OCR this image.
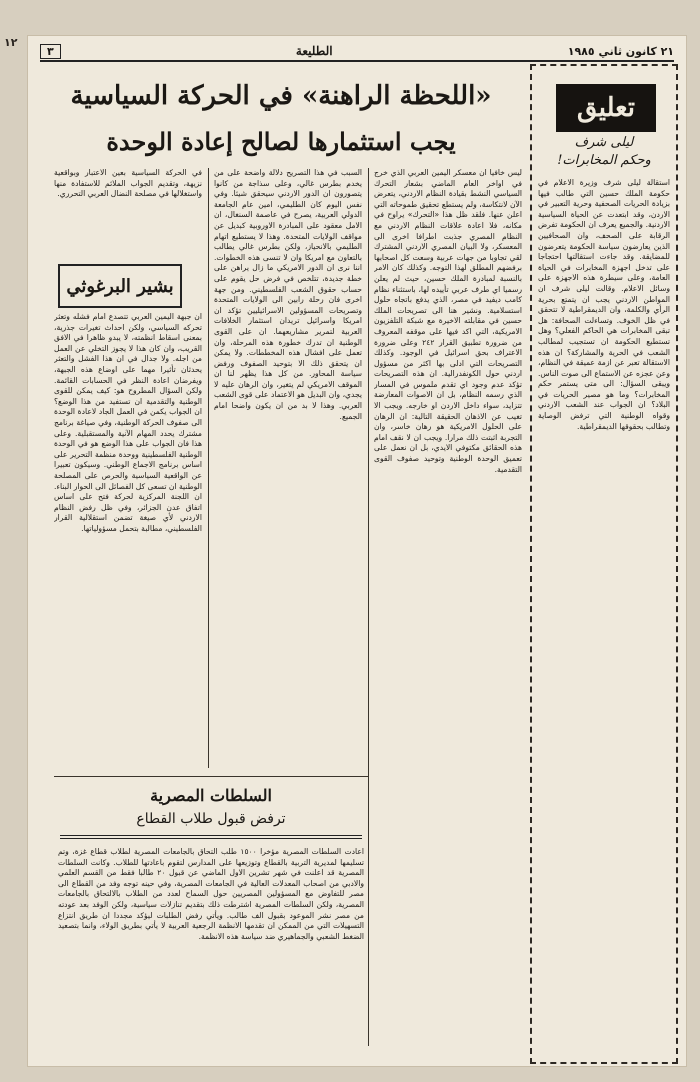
١٢
٢١ كانون ثاني ١٩٨٥
الطليعة
٣
تعليق
ليلى شرف
وحكم المخابرات!
استقالة ليلى شرف وزيرة الاعلام في حكومة الملك حسين التي طالب فيها بزيادة الحريات الصحفية وحرية التعبير في الاردن، وقد ابتعدت عن الحياة السياسية الاردنية. والجميع يعرف ان الحكومة تفرض الرقابة على الصحف، وان الصحافيين الذين يعارضون سياسة الحكومة يتعرضون للمضايقة. وقد جاءت استقالتها احتجاجا على تدخل اجهزة المخابرات في الحياة العامة، وعلى سيطرة هذه الاجهزة على وسائل الاعلام. وقالت ليلى شرف ان المواطن الاردني يجب ان يتمتع بحرية الرأي والكلمة، وان الديمقراطية لا تتحقق في ظل الخوف. وتساءلت الصحافة: هل تبقى المخابرات هي الحاكم الفعلي؟ وهل تستطيع الحكومة ان تستجيب لمطالب الشعب في الحرية والمشاركة؟ ان هذه الاستقالة تعبر عن ازمة عميقة في النظام، وعن عجزه عن الاستماع الى صوت الناس. ويبقى السؤال: الى متى يستمر حكم المخابرات؟ وما هو مصير الحريات في البلاد؟ ان الجواب عند الشعب الاردني وقواه الوطنية التي ترفض الوصاية وتطالب بحقوقها الديمقراطية.
«اللحظة الراهنة» في الحركة السياسية
يجب استثمارها لصالح إعادة الوحدة
ليس خافيا ان معسكر اليمين العربي الذي خرج في اواخر العام الماضي بشعار التحرك السياسي النشط بقيادة النظام الاردني، يتعرض الآن لانتكاسة، ولم يستطع تحقيق طموحاته التي اعلن عنها. فلقد ظل هذا «التحرك» يراوح في مكانه، فلا اعادة علاقات النظام الاردني مع النظام المصري جذبت اطرافا اخرى الى المعسكر، ولا البيان المصري الاردني المشترك لقي تجاوبا من جهات عربية وسعت كل اصحابها برفضهم المطلق لهذا التوجه. وكذلك كان الامر بالنسبة لمبادرة الملك حسين، حيث لم يعلن رسميا اي طرف عربي تأييده لها، باستثناء نظام كامب ديفيد في مصر، الذي يدفع باتجاه حلول استسلامية. ونشير هنا الى تصريحات الملك حسين في مقابلته الاخيرة مع شبكة التلفزيون الامريكية، التي اكد فيها على موقفه المعروف من ضرورة تطبيق القرار ٢٤٢ وعلى ضرورة الاعتراف بحق اسرائيل في الوجود. وكذلك التصريحات التي ادلى بها اكثر من مسؤول اردني حول الكونفدرالية. ان هذه التصريحات تؤكد عدم وجود اي تقدم ملموس في المسار الذي رسمه النظام، بل ان الاصوات المعارضة تتزايد، سواء داخل الاردن او خارجه. ويجب الا تغيب عن الاذهان الحقيقة التالية: ان الرهان على الحلول الامريكية هو رهان خاسر، وان التجربة اثبتت ذلك مرارا. ويجب ان لا نقف امام هذه الحقائق مكتوفي الايدي، بل ان نعمل على تعميق الوحدة الوطنية وتوحيد صفوف القوى التقدمية.
السبب في هذا التصريح دلالة واضحة على من يخدم بطرس غالي، وعلى سذاجة من كانوا يتصورون ان الدور الاردني سيحقق شيئا. وفي نفس اليوم كان الطليمي، امين عام الجامعة الدولي العربية، يصرح في عاصمة السنغال، ان الامل معقود على المبادرة الاوروبية كبديل عن مواقف الولايات المتحدة. وهذا لا يستطيع اتهام الطليمي بالانحياز، ولكن بطرس غالي يطالب بالتعاون مع امريكا وان لا تنسى هذه الخطوات. اننا نرى ان الدور الامريكي ما زال يراهن على خطة جديدة، تتلخص في فرض حل يقوم على حساب حقوق الشعب الفلسطيني. ومن جهة اخرى فان رحلة رابين الى الولايات المتحدة وتصريحات المسؤولين الاسرائيليين تؤكد ان امريكا واسرائيل تريدان استثمار الخلافات العربية لتمرير مشاريعهما. ان على القوى الوطنية ان تدرك خطورة هذه المرحلة، وان تعمل على افشال هذه المخططات. ولا يمكن ان يتحقق ذلك الا بتوحيد الصفوف ورفض سياسة المحاور. من كل هذا يظهر لنا ان الموقف الامريكي لم يتغير، وان الرهان عليه لا يجدي، وان البديل هو الاعتماد على قوى الشعب العربي. وهذا لا بد من ان يكون واضحا امام الجميع.
في الحركة السياسية بعين الاعتبار وبواقعية نزيهة، وتقديم الجواب الملائم للاستفادة منها واستغلالها في مصلحة النضال العربي التحرري.
بشير البرغوثي
ان جبهة اليمين العربي تتصدع امام فشله وتعثر تحركه السياسي، ولكن احداث تغيرات جذرية، بمعنى اسقاط انظمته، لا يبدو ظاهرا في الافق القريب، وان كان هذا لا يجوز التخلي عن العمل من اجله. ولا جدال في ان هذا الفشل والتعثر يحدثان تأثيرا مهما على اوضاع هذه الجبهة، ويفرضان اعادة النظر في الحسابات القائمة. ولكن السؤال المطروح هو: كيف يمكن للقوى الوطنية والتقدمية ان تستفيد من هذا الوضع؟ ان الجواب يكمن في العمل الجاد لاعادة الوحدة الى صفوف الحركة الوطنية، وفي صياغة برنامج مشترك يحدد المهام الآنية والمستقبلية. وعلى هذا فان الجواب على هذا الوضع هو في الوحدة الوطنية الفلسطينية ووحدة منظمة التحرير على اساس برنامج الاجماع الوطني. وسيكون تعبيرا عن الواقعية السياسية والحرص على المصلحة الوطنية ان تسعى كل الفصائل الى الحوار البناء. ان اللجنة المركزية لحركة فتح على اساس اتفاق عدن الجزائر، وفي ظل رفض النظام الاردني لأي صيغة تضمن استقلالية القرار الفلسطيني، مطالبة بتحمل مسؤولياتها.
السلطات المصرية
ترفض قبول طلاب القطاع
اعادت السلطات المصرية مؤخرا ١٥٠٠ طلب التحاق بالجامعات المصرية لطلاب قطاع غزة، وتم تسليمها لمديرية التربية بالقطاع وتوزيعها على المدارس لتقوم باعادتها للطلاب. وكانت السلطات المصرية قد اعلنت في شهر تشرين الاول الماضي عن قبول ٢٠ طالبا فقط من القسم العلمي والادبي من اصحاب المعدلات العالية في الجامعات المصرية، وفي حينه توجه وفد من القطاع الى مصر للتفاوض مع المسؤولين المصريين حول السماح لعدد من الطلاب بالالتحاق بالجامعات المصرية، ولكن السلطات المصرية اشترطت ذلك بتقديم تنازلات سياسية، ولكن الوفد بعد عودته من مصر نشر الموعود بقبول الف طالب. ويأتي رفض الطلبات ليؤكد مجددا ان طريق انتزاع التسهيلات التي من الممكن ان تقدمها الانظمة الرجعية العربية لا يأتي بطريق الولاء، وانما بتصعيد الضغط الشعبي والجماهيري ضد سياسة هذه الانظمة.
